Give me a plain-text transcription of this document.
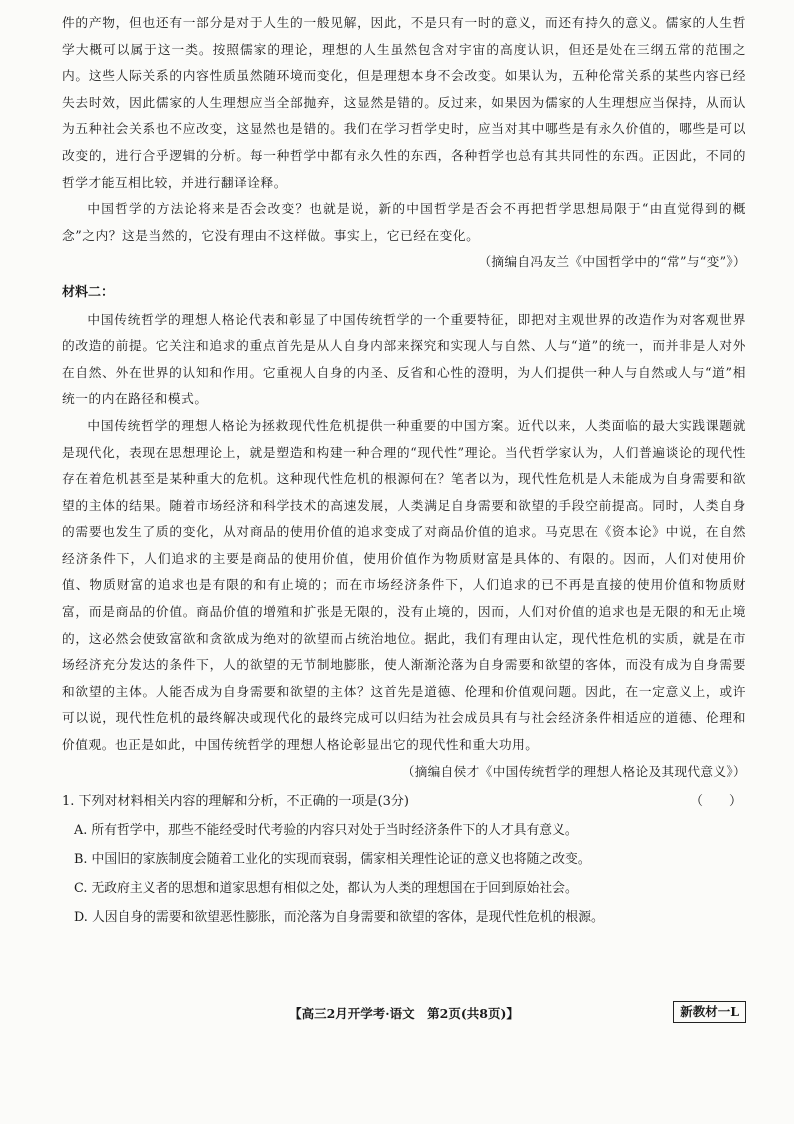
件的产物，但也还有一部分是对于人生的一般见解，因此，不是只有一时的意义，而还有持久的意义。儒家的人生哲学大概可以属于这一类。按照儒家的理论，理想的人生虽然包含对宇宙的高度认识，但还是处在三纲五常的范围之内。这些人际关系的内容性质虽然随环境而变化，但是理想本身不会改变。如果认为，五种伦常关系的某些内容已经失去时效，因此儒家的人生理想应当全部抛弃，这显然是错的。反过来，如果因为儒家的人生理想应当保持，从而认为五种社会关系也不应改变，这显然也是错的。我们在学习哲学史时，应当对其中哪些是有永久价值的，哪些是可以改变的，进行合乎逻辑的分析。每一种哲学中都有永久性的东西，各种哲学也总有其共同性的东西。正因此，不同的哲学才能互相比较，并进行翻译诠释。

中国哲学的方法论将来是否会改变？也就是说，新的中国哲学是否会不再把哲学思想局限于“由直觉得到的概念”之内？这是当然的，它没有理由不这样做。事实上，它已经在变化。

（摘编自冯友兰《中国哲学中的“常”与“变”》）

材料二：

中国传统哲学的理想人格论代表和彰显了中国传统哲学的一个重要特征，即把对主观世界的改造作为对客观世界的改造的前提。它关注和追求的重点首先是从人自身内部来探究和实现人与自然、人与“道”的统一，而并非是人对外在自然、外在世界的认知和作用。它重视人自身的内圣、反省和心性的澄明，为人们提供一种人与自然或人与“道”相统一的内在路径和模式。

中国传统哲学的理想人格论为拯救现代性危机提供一种重要的中国方案。近代以来，人类面临的最大实践课题就是现代化，表现在思想理论上，就是塑造和构建一种合理的“现代性”理论。当代哲学家认为，人们普遍谈论的现代性存在着危机甚至是某种重大的危机。这种现代性危机的根源何在？笔者以为，现代性危机是人未能成为自身需要和欲望的主体的结果。随着市场经济和科学技术的高速发展，人类满足自身需要和欲望的手段空前提高。同时，人类自身的需要也发生了质的变化，从对商品的使用价值的追求变成了对商品价值的追求。马克思在《资本论》中说，在自然经济条件下，人们追求的主要是商品的使用价值，使用价值作为物质财富是具体的、有限的。因而，人们对使用价值、物质财富的追求也是有限的和有止境的；而在市场经济条件下，人们追求的已不再是直接的使用价值和物质财富，而是商品的价值。商品价值的增殖和扩张是无限的，没有止境的，因而，人们对价值的追求也是无限的和无止境的，这必然会使致富欲和贪欲成为绝对的欲望而占统治地位。据此，我们有理由认定，现代性危机的实质，就是在市场经济充分发达的条件下，人的欲望的无节制地膨胀，使人渐渐沦落为自身需要和欲望的客体，而没有成为自身需要和欲望的主体。人能否成为自身需要和欲望的主体？这首先是道德、伦理和价值观问题。因此，在一定意义上，或许可以说，现代性危机的最终解决或现代化的最终完成可以归结为社会成员具有与社会经济条件相适应的道德、伦理和价值观。也正是如此，中国传统哲学的理想人格论彰显出它的现代性和重大功用。

（摘编自侯才《中国传统哲学的理想人格论及其现代意义》）

1. 下列对材料相关内容的理解和分析，不正确的一项是(3分)	（　　）

A. 所有哲学中，那些不能经受时代考验的内容只对处于当时经济条件下的人才具有意义。

B. 中国旧的家族制度会随着工业化的实现而衰弱，儒家相关理性论证的意义也将随之改变。

C. 无政府主义者的思想和道家思想有相似之处，都认为人类的理想国在于回到原始社会。

D. 人因自身的需要和欲望恶性膨胀，而沦落为自身需要和欲望的客体，是现代性危机的根源。

【高三2月开学考·语文　第2页(共8页)】	新教材一L
